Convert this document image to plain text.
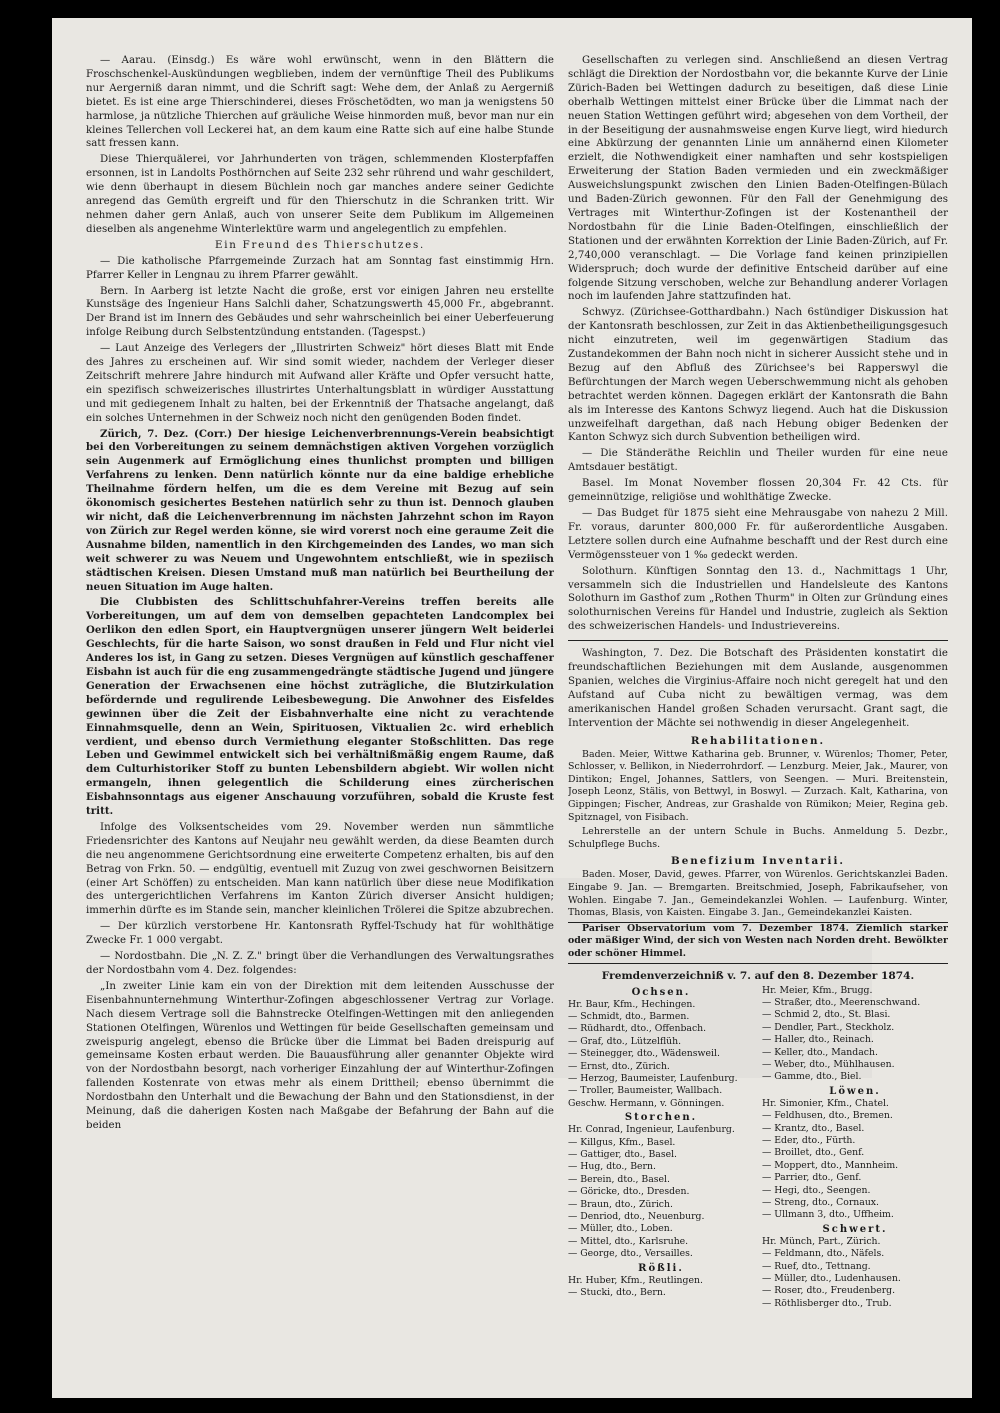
— Aarau. (Einsdg.) Es wäre wohl erwünscht, wenn in den Blättern die Froschschenkel-Auskündungen wegblieben, indem der vernünftige Theil des Publikums nur Aergerniß daran nimmt, und die Schrift sagt: Wehe dem, der Anlaß zu Aergerniß bietet. Es ist eine arge Thierschinderei, dieses Fröschetödten, wo man ja wenigstens 50 harmlose, ja nützliche Thierchen auf gräuliche Weise hinmorden muß, bevor man nur ein kleines Tellerchen voll Leckerei hat, an dem kaum eine Ratte sich auf eine halbe Stunde satt fressen kann.

Diese Thierquälerei, vor Jahrhunderten von trägen, schlemmenden Klosterpfaffen ersonnen, ist in Landolts Posthörnchen auf Seite 232 sehr rührend und wahr geschildert, wie denn überhaupt in diesem Büchlein noch gar manches andere seiner Gedichte anregend das Gemüth ergreift und für den Thierschutz in die Schranken tritt. Wir nehmen daher gern Anlaß, auch von unserer Seite dem Publikum im Allgemeinen dieselben als angenehme Winterlektüre warm und angelegentlich zu empfehlen.

Ein Freund des Thierschutzes.

— Die katholische Pfarrgemeinde Zurzach hat am Sonntag fast einstimmig Hrn. Pfarrer Keller in Lengnau zu ihrem Pfarrer gewählt.

Bern. In Aarberg ist letzte Nacht die große, erst vor einigen Jahren neu erstellte Kunstsäge des Ingenieur Hans Salchli daher, Schatzungswerth 45,000 Fr., abgebrannt. Der Brand ist im Innern des Gebäudes und sehr wahrscheinlich bei einer Ueberfeuerung infolge Reibung durch Selbstentzündung entstanden. (Tagespst.)

— Laut Anzeige des Verlegers der „Illustrirten Schweiz" hört dieses Blatt mit Ende des Jahres zu erscheinen auf. Wir sind somit wieder, nachdem der Verleger dieser Zeitschrift mehrere Jahre hindurch mit Aufwand aller Kräfte und Opfer versucht hatte, ein spezifisch schweizerisches illustrirtes Unterhaltungsblatt in würdiger Ausstattung und mit gediegenem Inhalt zu halten, bei der Erkenntniß der Thatsache angelangt, daß ein solches Unternehmen in der Schweiz noch nicht den genügenden Boden findet.

Zürich, 7. Dez. (Corr.) Der hiesige Leichenverbrennungs-Verein beabsichtigt bei den Vorbereitungen zu seinem demnächstigen aktiven Vorgehen vorzüglich sein Augenmerk auf Ermöglichung eines thunlichst prompten und billigen Verfahrens zu lenken. Denn natürlich könnte nur da eine baldige erhebliche Theilnahme fördern helfen, um die es dem Vereine mit Bezug auf sein ökonomisch gesichertes Bestehen natürlich sehr zu thun ist. Dennoch glauben wir nicht, daß die Leichenverbrennung im nächsten Jahrzehnt schon im Rayon von Zürich zur Regel werden könne, sie wird vorerst noch eine geraume Zeit die Ausnahme bilden, namentlich in den Kirchgemeinden des Landes, wo man sich weit schwerer zu was Neuem und Ungewohntem entschließt, wie in speziisch städtischen Kreisen. Diesen Umstand muß man natürlich bei Beurtheilung der neuen Situation im Auge halten.

Die Clubbisten des Schlittschuhfahrer-Vereins treffen bereits alle Vorbereitungen, um auf dem von demselben gepachteten Landcomplex bei Oerlikon den edlen Sport, ein Hauptvergnügen unserer jüngern Welt beiderlei Geschlechts, für die harte Saison, wo sonst draußen in Feld und Flur nicht viel Anderes los ist, in Gang zu setzen. Dieses Vergnügen auf künstlich geschaffener Eisbahn ist auch für die eng zusammengedrängte städtische Jugend und jüngere Generation der Erwachsenen eine höchst zuträgliche, die Blutzirkulation befördernde und regulirende Leibesbewegung. Die Anwohner des Eisfeldes gewinnen über die Zeit der Eisbahnverhalte eine nicht zu verachtende Einnahmsquelle, denn an Wein, Spirituosen, Viktualien 2c. wird erheblich verdient, und ebenso durch Vermiethung eleganter Stoßschlitten. Das rege Leben und Gewimmel entwickelt sich bei verhältnißmäßig engem Raume, daß dem Culturhistoriker Stoff zu bunten Lebensbildern abgiebt. Wir wollen nicht ermangeln, ihnen gelegentlich die Schilderung eines zürcherischen Eisbahnsonntags aus eigener Anschauung vorzuführen, sobald die Kruste fest tritt.

Infolge des Volksentscheides vom 29. November werden nun sämmtliche Friedensrichter des Kantons auf Neujahr neu gewählt werden, da diese Beamten durch die neu angenommene Gerichtsordnung eine erweiterte Competenz erhalten, bis auf den Betrag von Frkn. 50. — endgültig, eventuell mit Zuzug von zwei geschwornen Beisitzern (einer Art Schöffen) zu entscheiden. Man kann natürlich über diese neue Modifikation des untergerichtlichen Verfahrens im Kanton Zürich diverser Ansicht huldigen; immerhin dürfte es im Stande sein, mancher kleinlichen Trölerei die Spitze abzubrechen.

— Der kürzlich verstorbene Hr. Kantonsrath Ryffel-Tschudy hat für wohlthätige Zwecke Fr. 1 000 vergabt.

— Nordostbahn. Die „N. Z. Z." bringt über die Verhandlungen des Verwaltungsrathes der Nordostbahn vom 4. Dez. folgendes:

„In zweiter Linie kam ein von der Direktion mit dem leitenden Ausschusse der Eisenbahnunternehmung Winterthur-Zofingen abgeschlossener Vertrag zur Vorlage. Nach diesem Vertrage soll die Bahnstrecke Otelfingen-Wettingen mit den anliegenden Stationen Otelfingen, Würenlos und Wettingen für beide Gesellschaften gemeinsam und zweispurig angelegt, ebenso die Brücke über die Limmat bei Baden dreispurig auf gemeinsame Kosten erbaut werden. Die Bauausführung aller genannter Objekte wird von der Nordostbahn besorgt, nach vorheriger Einzahlung der auf Winterthur-Zofingen fallenden Kostenrate von etwas mehr als einem Drittheil; ebenso übernimmt die Nordostbahn den Unterhalt und die Bewachung der Bahn und den Stationsdienst, in der Meinung, daß die daherigen Kosten nach Maßgabe der Befahrung der Bahn auf die beiden

Gesellschaften zu verlegen sind. Anschließend an diesen Vertrag schlägt die Direktion der Nordostbahn vor, die bekannte Kurve der Linie Zürich-Baden bei Wettingen dadurch zu beseitigen, daß diese Linie oberhalb Wettingen mittelst einer Brücke über die Limmat nach der neuen Station Wettingen geführt wird; abgesehen von dem Vortheil, der in der Beseitigung der ausnahmsweise engen Kurve liegt, wird hiedurch eine Abkürzung der genannten Linie um annähernd einen Kilometer erzielt, die Nothwendigkeit einer namhaften und sehr kostspieligen Erweiterung der Station Baden vermieden und ein zweckmäßiger Ausweichslungspunkt zwischen den Linien Baden-Otelfingen-Bülach und Baden-Zürich gewonnen. Für den Fall der Genehmigung des Vertrages mit Winterthur-Zofingen ist der Kostenantheil der Nordostbahn für die Linie Baden-Otelfingen, einschließlich der Stationen und der erwähnten Korrektion der Linie Baden-Zürich, auf Fr. 2,740,000 veranschlagt. — Die Vorlage fand keinen prinzipiellen Widerspruch; doch wurde der definitive Entscheid darüber auf eine folgende Sitzung verschoben, welche zur Behandlung anderer Vorlagen noch im laufenden Jahre stattzufinden hat.

Schwyz. (Zürichsee-Gotthardbahn.) Nach 6stündiger Diskussion hat der Kantonsrath beschlossen, zur Zeit in das Aktienbetheiligungsgesuch nicht einzutreten, weil im gegenwärtigen Stadium das Zustandekommen der Bahn noch nicht in sicherer Aussicht stehe und in Bezug auf den Abfluß des Zürichsee's bei Rapperswyl die Befürchtungen der March wegen Ueberschwemmung nicht als gehoben betrachtet werden können. Dagegen erklärt der Kantonsrath die Bahn als im Interesse des Kantons Schwyz liegend. Auch hat die Diskussion unzweifelhaft dargethan, daß nach Hebung obiger Bedenken der Kanton Schwyz sich durch Subvention betheiligen wird.

— Die Ständeräthe Reichlin und Theiler wurden für eine neue Amtsdauer bestätigt.

Basel. Im Monat November flossen 20,304 Fr. 42 Cts. für gemeinnützige, religiöse und wohlthätige Zwecke.

— Das Budget für 1875 sieht eine Mehrausgabe von nahezu 2 Mill. Fr. voraus, darunter 800,000 Fr. für außerordentliche Ausgaben. Letztere sollen durch eine Aufnahme beschafft und der Rest durch eine Vermögenssteuer von 1 ‰ gedeckt werden.

Solothurn. Künftigen Sonntag den 13. d., Nachmittags 1 Uhr, versammeln sich die Industriellen und Handelsleute des Kantons Solothurn im Gasthof zum „Rothen Thurm" in Olten zur Gründung eines solothurnischen Vereins für Handel und Industrie, zugleich als Sektion des schweizerischen Handels- und Industrievereins.

Washington, 7. Dez. Die Botschaft des Präsidenten konstatirt die freundschaftlichen Beziehungen mit dem Auslande, ausgenommen Spanien, welches die Virginius-Affaire noch nicht geregelt hat und den Aufstand auf Cuba nicht zu bewältigen vermag, was dem amerikanischen Handel großen Schaden verursacht. Grant sagt, die Intervention der Mächte sei nothwendig in dieser Angelegenheit.

Rehabilitationen.

Baden. Meier, Wittwe Katharina geb. Brunner, v. Würenlos; Thomer, Peter, Schlosser, v. Bellikon, in Niederrohrdorf. — Lenzburg. Meier, Jak., Maurer, von Dintikon; Engel, Johannes, Sattlers, von Seengen. — Muri. Breitenstein, Joseph Leonz, Stälis, von Bettwyl, in Boswyl. — Zurzach. Kalt, Katharina, von Gippingen; Fischer, Andreas, zur Grashalde von Rümikon; Meier, Regina geb. Spitznagel, von Fisibach.

Lehrerstelle an der untern Schule in Buchs. Anmeldung 5. Dezbr., Schulpflege Buchs.

Benefizium Inventarii.

Baden. Moser, David, gewes. Pfarrer, von Würenlos. Gerichtskanzlei Baden. Eingabe 9. Jan. — Bremgarten. Breitschmied, Joseph, Fabrikaufseher, von Wohlen. Eingabe 7. Jan., Gemeindekanzlei Wohlen. — Laufenburg. Winter, Thomas, Blasis, von Kaisten. Eingabe 3. Jan., Gemeindekanzlei Kaisten.

Pariser Observatorium vom 7. Dezember 1874. Ziemlich starker oder mäßiger Wind, der sich von Westen nach Norden dreht. Bewölkter oder schöner Himmel.

Fremdenverzeichniß v. 7. auf den 8. Dezember 1874.
Ochsen.
Hr. Baur, Kfm., Hechingen.
— Schmidt, dto., Barmen.
— Rüdhardt, dto., Offenbach.
— Graf, dto., Lützelflüh.
— Steinegger, dto., Wädensweil.
— Ernst, dto., Zürich.
— Herzog, Baumeister, Laufenburg.
— Troller, Baumeister, Wallbach.
Geschw. Hermann, v. Gönningen.
Storchen.
Hr. Conrad, Ingenieur, Laufenburg.
— Killgus, Kfm., Basel.
— Gattiger, dto., Basel.
— Hug, dto., Bern.
— Berein, dto., Basel.
— Göricke, dto., Dresden.
— Braun, dto., Zürich.
— Denriod, dto., Neuenburg.
— Müller, dto., Loben.
— Mittel, dto., Karlsruhe.
— George, dto., Versailles.
Rößli.
Hr. Huber, Kfm., Reutlingen.
— Stucki, dto., Bern.
Hr. Meier, Kfm., Brugg.
— Straßer, dto., Meerenschwand.
— Schmid 2, dto., St. Blasi.
— Dendler, Part., Steckholz.
— Haller, dto., Reinach.
— Keller, dto., Mandach.
— Weber, dto., Mühlhausen.
— Gamme, dto., Biel.
Löwen.
Hr. Simonier, Kfm., Chatel.
— Feldhusen, dto., Bremen.
— Krantz, dto., Basel.
— Eder, dto., Fürth.
— Broillet, dto., Genf.
— Moppert, dto., Mannheim.
— Parrier, dto., Genf.
— Hegi, dto., Seengen.
— Streng, dto., Cornaux.
— Ullmann 3, dto., Uffheim.
Schwert.
Hr. Münch, Part., Zürich.
— Feldmann, dto., Näfels.
— Ruef, dto., Tettnang.
— Müller, dto., Ludenhausen.
— Roser, dto., Freudenberg.
— Röthlisberger dto., Trub.
